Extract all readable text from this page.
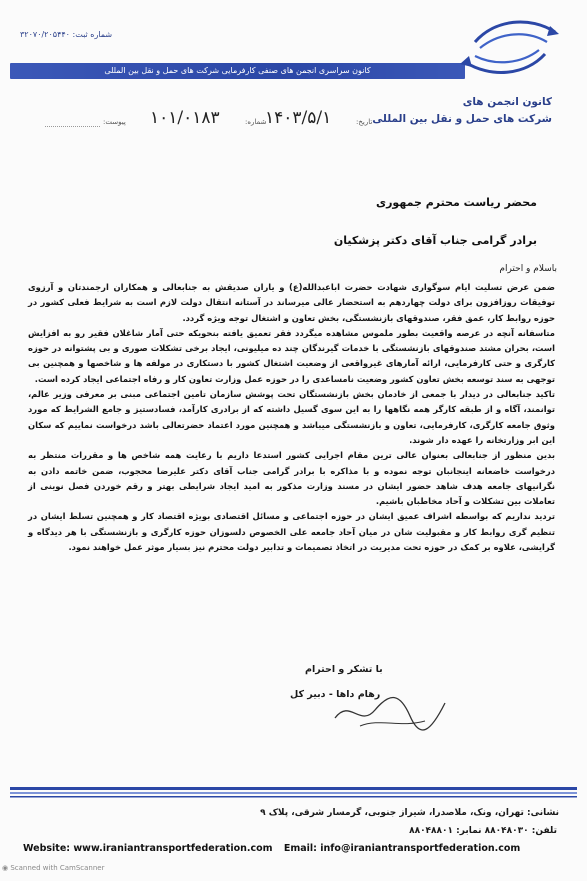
شماره ثبت: ۳۲۰۷۰/۲۰۵۴۴۰
کانون سراسری انجمن های صنفی کارفرمایی شرکت های حمل و نقل بین المللی
کانون انجمن های
شرکت های حمل و نقل بین المللی
تاریخ:
۱۴۰۳/۵/۱
شماره:
۱۰۱/۰۱۸۳
پیوست:
محضر ریاست محترم جمهوری
برادر گرامی جناب آقای دکتر پزشکیان
باسلام و احترام

ضمن عرض تسلیت ایام سوگواری شهادت حضرت اباعبدالله(ع) و یاران صدیقش به جنابعالی و همکاران ارجمندتان و آرزوی توفیقات روزافزون برای دولت چهاردهم به استحضار عالی میرساند در آستانه انتقال دولت لازم است به شرایط فعلی کشور در حوزه روابط کار، عمق فقر، صندوقهای بازنشستگی، بخش تعاون و اشتغال توجه ویژه گردد.

متاسفانه آنچه در عرصه واقعیت بطور ملموس مشاهده میگردد فقر تعمیق یافته بنحویکه حتی آمار شاغلان فقیر رو به افزایش است، بحران مشتد صندوقهای بازنشستگی با خدمات گیرندگان چند ده میلیونی، ایجاد برخی تشکلات صوری و بی پشتوانه در حوزه کارگری و حتی کارفرمایی، ارائه آمارهای غیرواقعی از وضعیت اشتغال کشور با دستکاری در مولفه ها و شاخصها و همچنین بی توجهی به سند توسعه بخش تعاون کشور وضعیت نامساعدی را در حوزه عمل وزارت تعاون کار و رفاه اجتماعی ایجاد کرده است.

تاکید جنابعالی در دیدار با جمعی از خادمان بخش بازنشستگان تحت پوشش سازمان تامین اجتماعی مبنی بر معرفی وزیر عالم، توانمند، آگاه و از طبقه کارگر همه نگاهها را به این سوی گسیل داشته که از برادری کارآمد، فسادستیز و جامع الشرایط که مورد وثوق جامعه کارگری، کارفرمایی، تعاون و بازنشستگی میباشد و همچنین مورد اعتماد حضرتعالی باشد درخواست نماییم که سکان این ابر وزارتخانه را عهده دار شوند.

بدین منظور از جنابعالی بعنوان عالی ترین مقام اجرایی کشور استدعا داریم با رعایت همه شاخص ها و مقررات منتظر به درخواست خاضعانه اینجانبان توجه نموده و با مذاکره با برادر گرامی جناب آقای دکتر علیرضا محجوب، ضمن خاتمه دادن به نگرانیهای جامعه هدف شاهد حضور ایشان در مسند وزارت مذکور به امید ایجاد شرایطی بهتر و رقم خوردن فصل نوینی از تعاملات بین تشکلات و آحاد مخاطبان باشیم.

تردید نداریم که بواسطه اشراف عمیق ایشان در حوزه اجتماعی و مسائل اقتصادی بویژه اقتصاد کار و همچنین تسلط ایشان در تنظیم گری روابط کار و مقبولیت شان در میان آحاد جامعه علی الخصوص دلسوزان حوزه کارگری و بازنشستگی با هر دیدگاه و گرایشی، علاوه بر کمک در حوزه تحت مدیریت در اتخاذ تصمیمات و تدابیر دولت محترم نیز بسیار موثر عمل خواهند نمود.

با تشکر و احترام
رهام داها - دبیر کل
نشانی: تهران، ونک، ملاصدرا، شیراز جنوبی، گرمسار شرقی، پلاک ۹
تلفن: ۸۸۰۴۸۰۳۰ نمابر: ۸۸۰۴۸۸۰۱
Website: www.iraniantransportfederation.com Email: info@iraniantransportfederation.com
◉ Scanned with CamScanner
